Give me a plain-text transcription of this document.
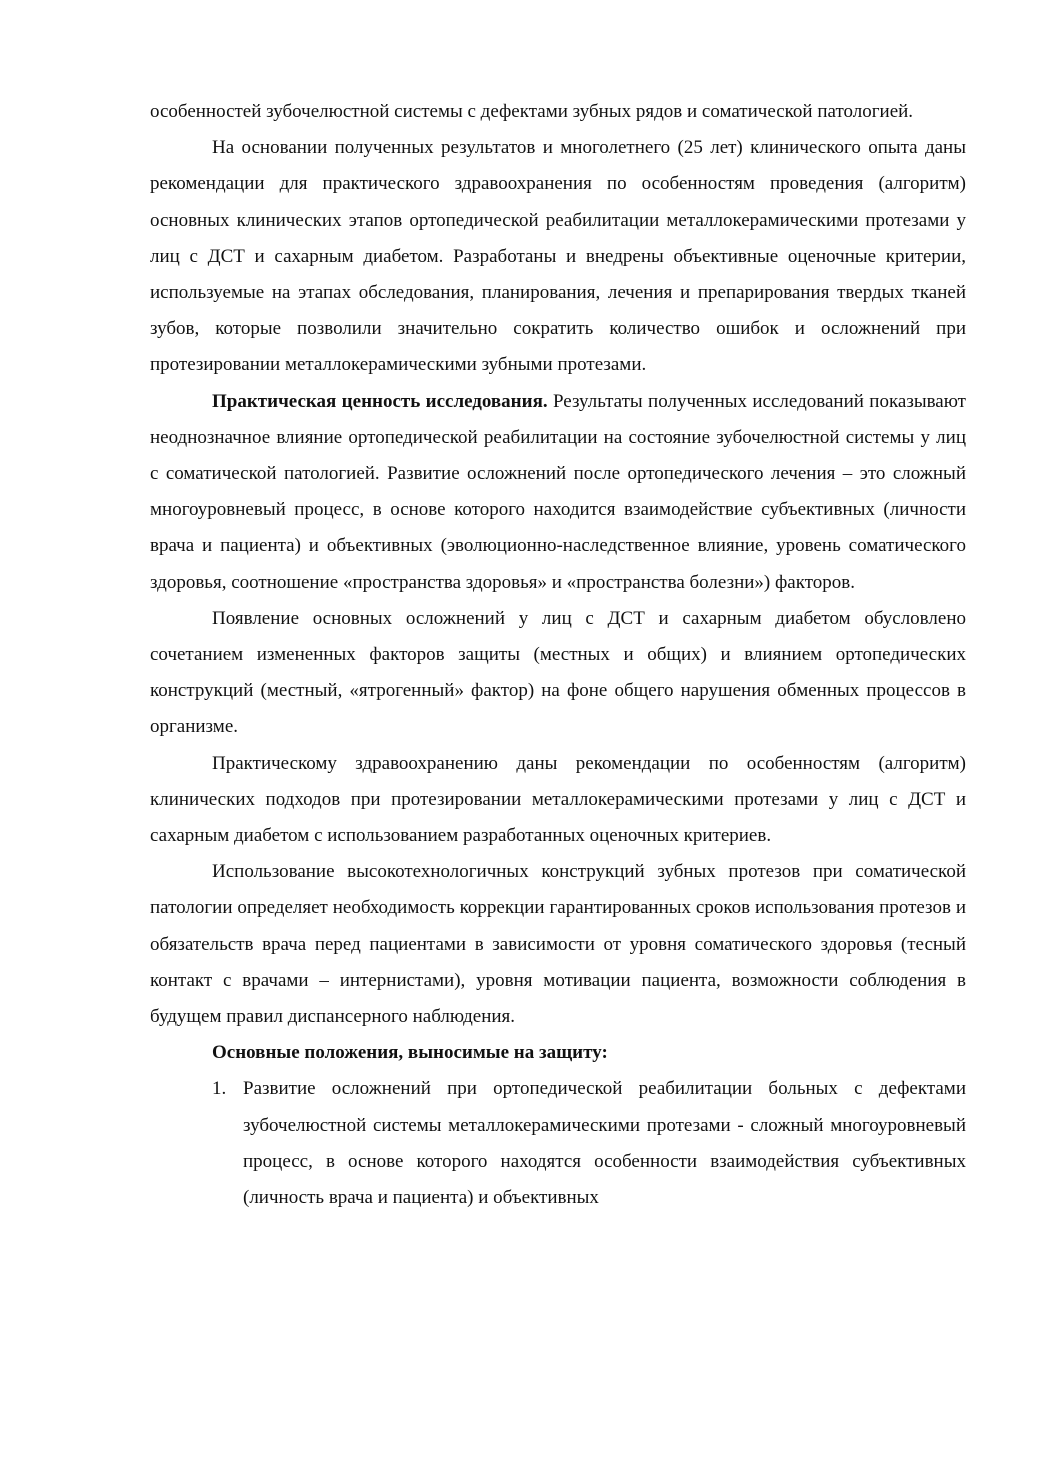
особенностей зубочелюстной системы с дефектами зубных рядов и соматической патологией.

На основании полученных результатов и многолетнего (25 лет) клинического опыта даны рекомендации для практического здравоохранения по особенностям проведения (алгоритм) основных клинических этапов ортопедической реабилитации металлокерамическими протезами у лиц с ДСТ и сахарным диабетом. Разработаны и внедрены объективные оценочные критерии, используемые на этапах обследования, планирования, лечения и препарирования твердых тканей зубов, которые позволили значительно сократить количество ошибок и осложнений при протезировании металлокерамическими зубными протезами.

Практическая ценность исследования. Результаты полученных исследований показывают неоднозначное влияние ортопедической реабилитации на состояние зубочелюстной системы у лиц с соматической патологией. Развитие осложнений после ортопедического лечения – это сложный многоуровневый процесс, в основе которого находится взаимодействие субъективных (личности врача и пациента) и объективных (эволюционно-наследственное влияние, уровень соматического здоровья, соотношение «пространства здоровья» и «пространства болезни») факторов.

Появление основных осложнений у лиц с ДСТ и сахарным диабетом обусловлено сочетанием измененных факторов защиты (местных и общих) и влиянием ортопедических конструкций (местный, «ятрогенный» фактор) на фоне общего нарушения обменных процессов в организме.

Практическому здравоохранению даны рекомендации по особенностям (алгоритм) клинических подходов при протезировании металлокерамическими протезами у лиц с ДСТ и сахарным диабетом с использованием разработанных оценочных критериев.

Использование высокотехнологичных конструкций зубных протезов при соматической патологии определяет необходимость коррекции гарантированных сроков использования протезов и обязательств врача перед пациентами в зависимости от уровня соматического здоровья (тесный контакт с врачами – интернистами), уровня мотивации пациента, возможности соблюдения в будущем правил диспансерного наблюдения.

Основные положения, выносимые на защиту:

1. Развитие осложнений при ортопедической реабилитации больных с дефектами зубочелюстной системы металлокерамическими протезами - сложный многоуровневый процесс, в основе которого находятся особенности взаимодействия субъективных (личность врача и пациента) и объективных
